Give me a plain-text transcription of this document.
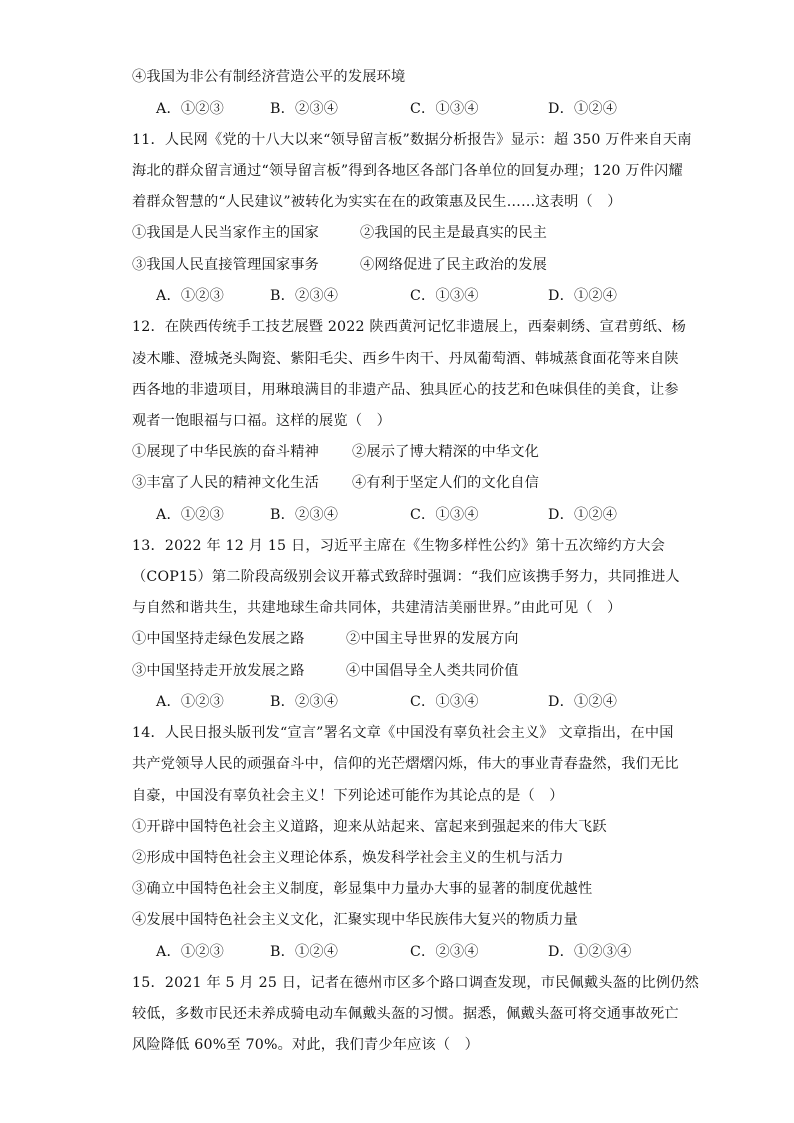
④我国为非公有制经济营造公平的发展环境
A．①②③	B．②③④	C．①③④	D．①②④
11．人民网《党的十八大以来“领导留言板”数据分析报告》显示：超 350 万件来自天南
海北的群众留言通过“领导留言板”得到各地区各部门各单位的回复办理；120 万件闪耀
着群众智慧的“人民建议”被转化为实实在在的政策惠及民生……这表明（　）
①我国是人民当家作主的国家	②我国的民主是最真实的民主
③我国人民直接管理国家事务	④网络促进了民主政治的发展
A．①②③	B．②③④	C．①③④	D．①②④
12．在陕西传统手工技艺展暨 2022 陕西黄河记忆非遗展上，西秦刺绣、宣君剪纸、杨
凌木雕、澄城尧头陶瓷、紫阳毛尖、西乡牛肉干、丹凤葡萄酒、韩城蒸食面花等来自陕
西各地的非遗项目，用琳琅满目的非遗产品、独具匠心的技艺和色味俱佳的美食，让参
观者一饱眼福与口福。这样的展览（　）
①展现了中华民族的奋斗精神 ②展示了博大精深的中华文化
③丰富了人民的精神文化生活 ④有利于坚定人们的文化自信
A．①②③	B．②③④	C．①③④	D．①②④
13．2022 年 12 月 15 日，习近平主席在《生物多样性公约》第十五次缔约方大会
（COP15）第二阶段高级别会议开幕式致辞时强调：“我们应该携手努力，共同推进人
与自然和谐共生，共建地球生命共同体，共建清洁美丽世界。”由此可见（　）
①中国坚持走绿色发展之路	②中国主导世界的发展方向
③中国坚持走开放发展之路	④中国倡导全人类共同价值
A．①②③	B．②③④	C．①③④	D．①②④
14．人民日报头版刊发“宣言”署名文章《中国没有辜负社会主义》 文章指出，在中国
共产党领导人民的顽强奋斗中，信仰的光芒熠熠闪烁，伟大的事业青春盎然，我们无比
自豪，中国没有辜负社会主义！下列论述可能作为其论点的是（　）
①开辟中国特色社会主义道路，迎来从站起来、富起来到强起来的伟大飞跃
②形成中国特色社会主义理论体系，焕发科学社会主义的生机与活力
③确立中国特色社会主义制度，彰显集中力量办大事的显著的制度优越性
④发展中国特色社会主义文化，汇聚实现中华民族伟大复兴的物质力量
A．①②③	B．①②④	C．②③④	D．①②③④
15．2021 年 5 月 25 日，记者在德州市区多个路口调查发现，市民佩戴头盔的比例仍然
较低，多数市民还未养成骑电动车佩戴头盔的习惯。据悉，佩戴头盔可将交通事故死亡
风险降低 60%至 70%。对此，我们青少年应该（　）
